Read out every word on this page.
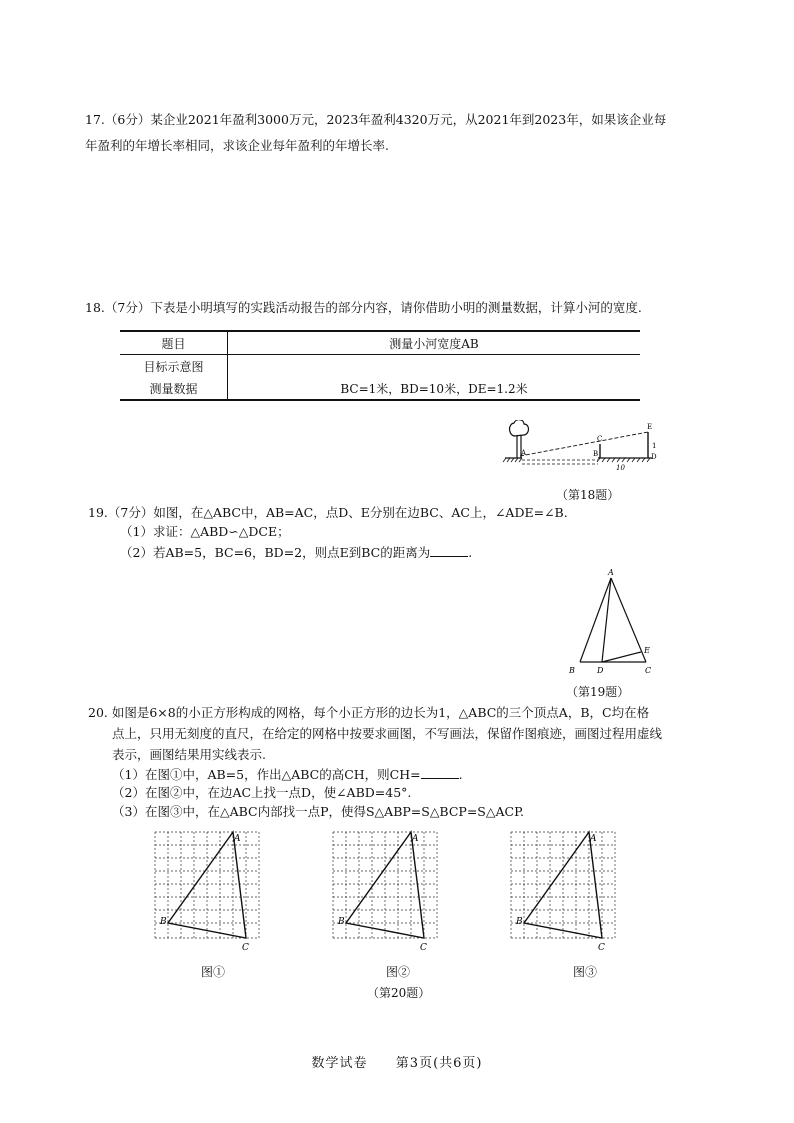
17.（6分）某企业2021年盈利3000万元，2023年盈利4320万元，从2021年到2023年，如果该企业每
年盈利的年增长率相同，求该企业每年盈利的年增长率.
18.（7分）下表是小明填写的实践活动报告的部分内容，请你借助小明的测量数据，计算小河的宽度.
题目	测量小河宽度AB
目标示意图	
测量数据	BC=1米，BD=10米，DE=1.2米
A	B
C
D
E
1
10
（第18题）
19.（7分）如图，在△ABC中，AB=AC，点D、E分别在边BC、AC上，∠ADE=∠B.
（1）求证：△ABD∽△DCE；
（2）若AB=5，BC=6，BD=2，则点E到BC的距离为	.
A
B	D	C
E
（第19题）
20. 如图是6×8的小正方形构成的网格，每个小正方形的边长为1，△ABC的三个顶点A，B，C均在格
点上，只用无刻度的直尺，在给定的网格中按要求画图，不写画法，保留作图痕迹，画图过程用虚线
表示，画图结果用实线表示.
（1）在图①中，AB=5，作出△ABC的高CH，则CH=	.
（2）在图②中，在边AC上找一点D，使∠ABD=45°.
（3）在图③中，在△ABC内部找一点P，使得S△ABP=S△BCP=S△ACP.
A
B
C
A
B
C
A
B
C
图①	图②	图③
（第20题）
数学试卷 第3页(共6页)
